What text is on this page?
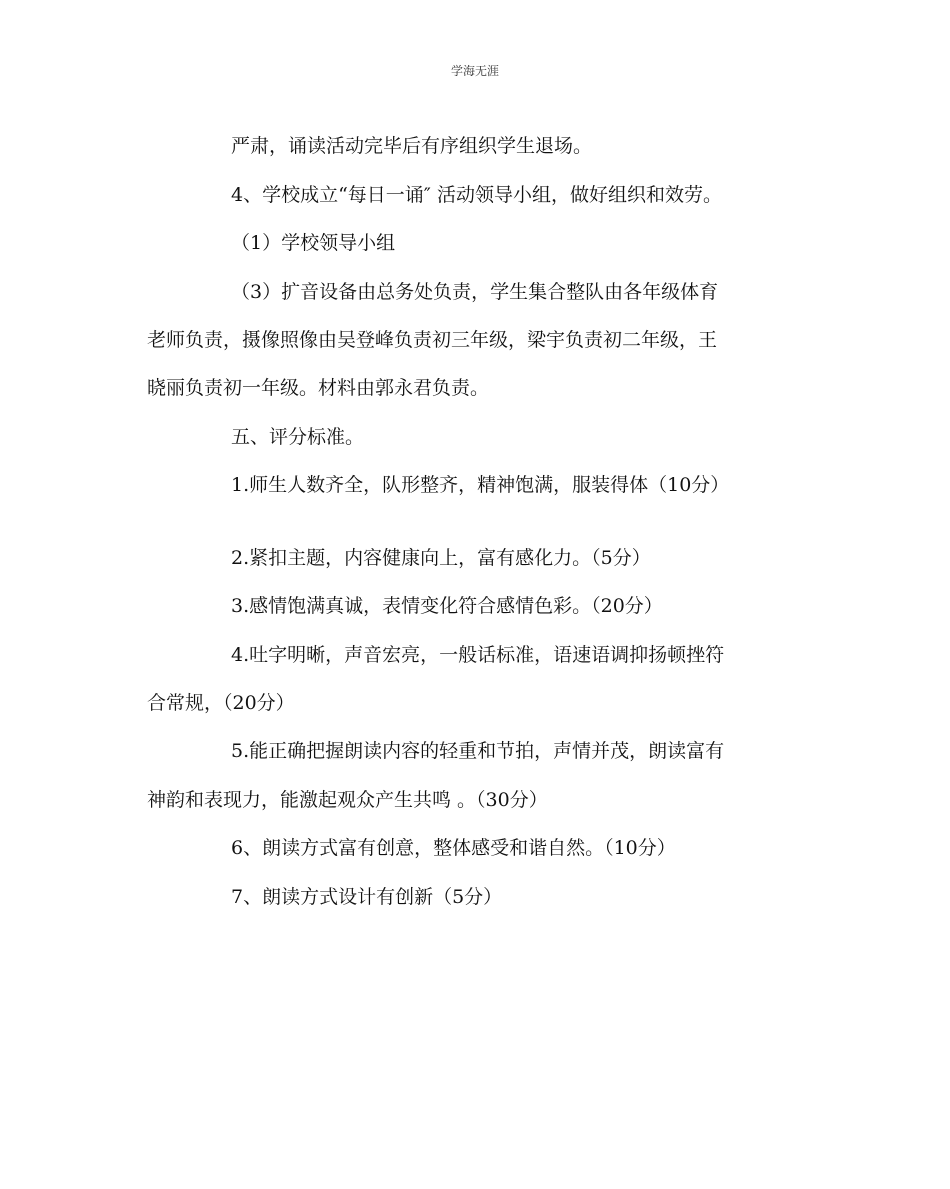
学海无涯
严肃，诵读活动完毕后有序组织学生退场。
4、学校成立“每日一诵″ 活动领导小组，做好组织和效劳。
（1）学校领导小组
（3）扩音设备由总务处负责，学生集合整队由各年级体育
老师负责，摄像照像由吴登峰负责初三年级，梁宇负责初二年级，王
晓丽负责初一年级。材料由郭永君负责。
五、评分标准。
1.师生人数齐全，队形整齐，精神饱满，服装得体（10分）
2.紧扣主题，内容健康向上，富有感化力。（5分）
3.感情饱满真诚，表情变化符合感情色彩。（20分）
4.吐字明晰，声音宏亮，一般话标准，语速语调抑扬顿挫符
合常规，（20分）
5.能正确把握朗读内容的轻重和节拍，声情并茂，朗读富有
神韵和表现力，能激起观众产生共鸣 。（30分）
6、朗读方式富有创意，整体感受和谐自然。（10分）
7、朗读方式设计有创新（5分）
